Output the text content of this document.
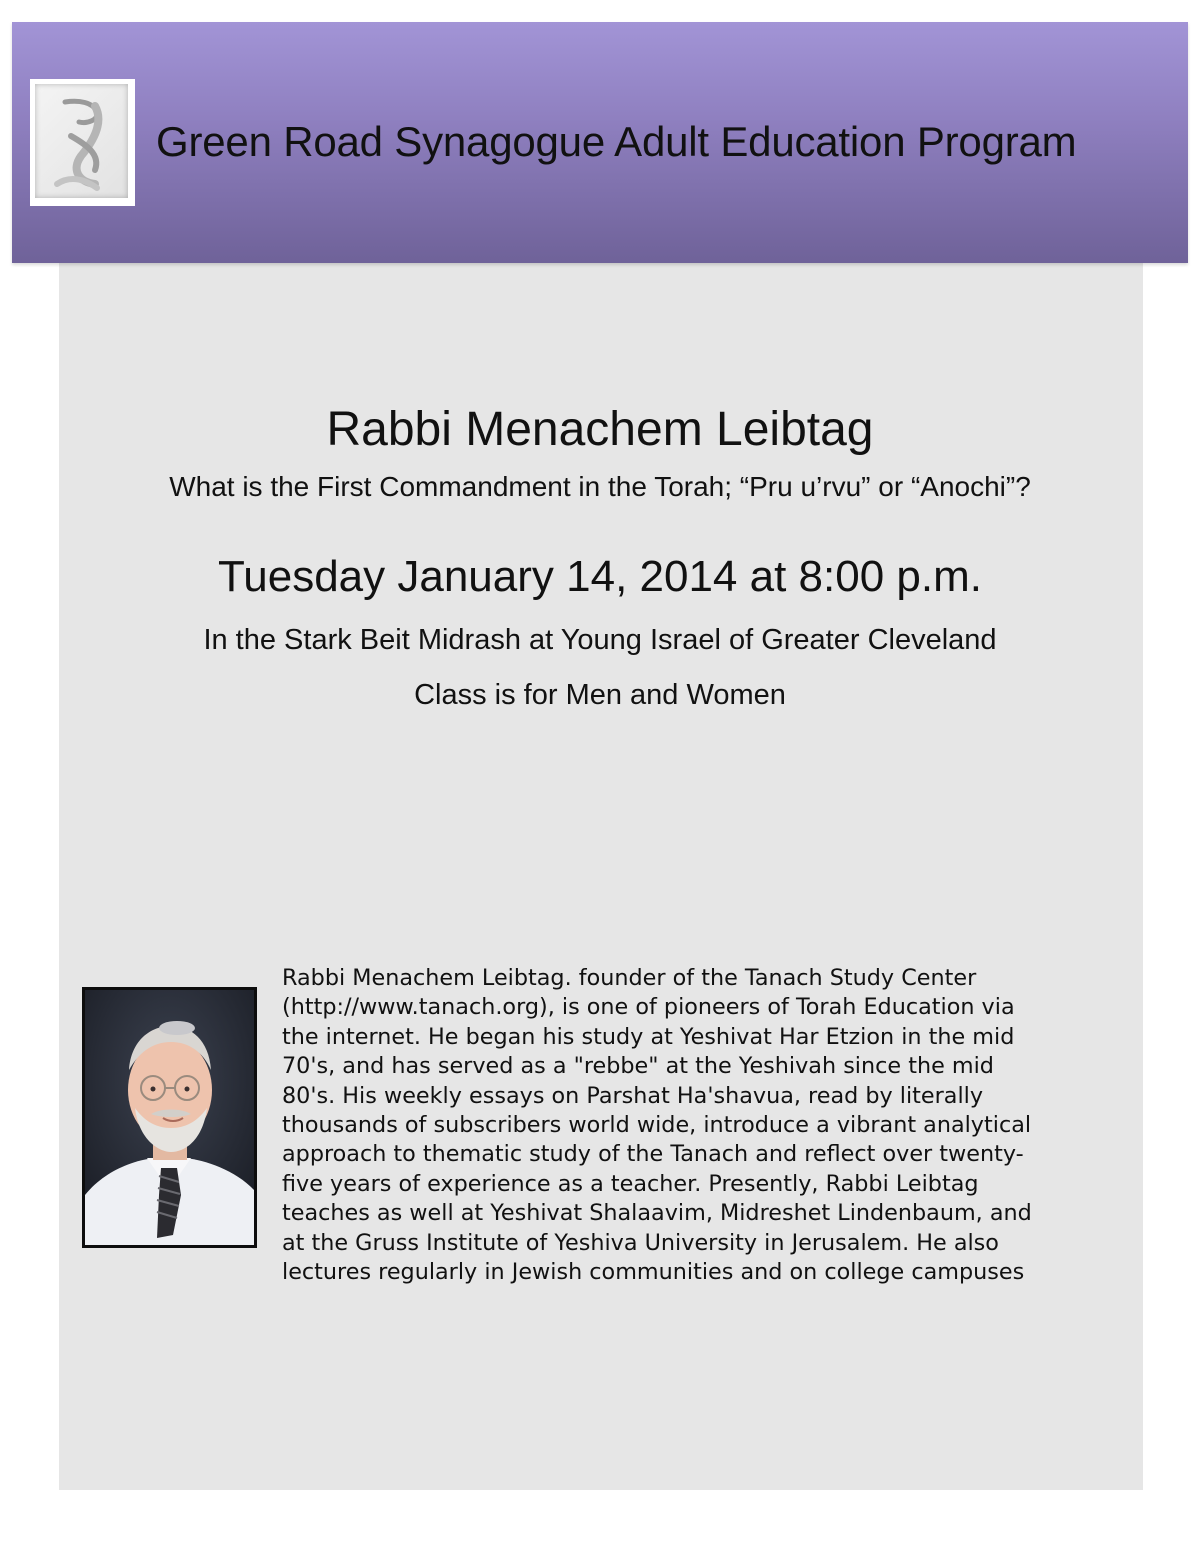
Green Road Synagogue Adult Education Program
Rabbi Menachem Leibtag
What is the First Commandment in the Torah; “Pru u’rvu” or “Anochi”?
Tuesday January 14, 2014 at 8:00 p.m.
In the Stark Beit Midrash at Young Israel of Greater Cleveland
Class is for Men and Women
Rabbi Menachem Leibtag. founder of the Tanach Study Center
(http://www.tanach.org), is one of pioneers of Torah Education via
the internet. He began his study at Yeshivat Har Etzion in the mid
70's, and has served as a "rebbe" at the Yeshivah since the mid
80's. His weekly essays on Parshat Ha'shavua, read by literally
thousands of subscribers world wide, introduce a vibrant analytical
approach to thematic study of the Tanach and reflect over twenty-
five years of experience as a teacher. Presently, Rabbi Leibtag
teaches as well at Yeshivat Shalaavim, Midreshet Lindenbaum, and
at the Gruss Institute of Yeshiva University in Jerusalem. He also
lectures regularly in Jewish communities and on college campuses
